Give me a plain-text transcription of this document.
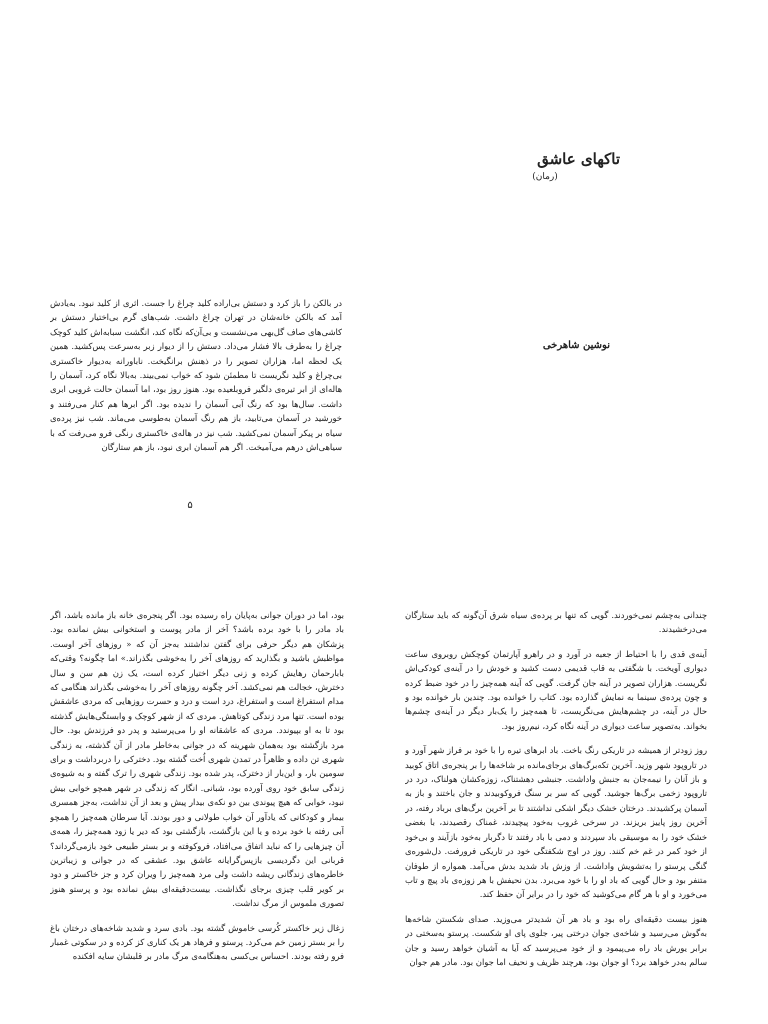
تاکهای عاشق

(رمان)

نوشین شاهرخی

در بالکن را باز کرد و دستش بی‌اراده کلید چراغ را جست. اثری از کلید نبود. به‌یادش آمد که بالکن خانه‌شان در تهران چراغ داشت. شب‌های گرم بی‌اختیار دستش بر کاشی‌های صاف گل‌بهی می‌نشست و بی‌آن‌که نگاه کند، انگشت سبابه‌اش کلید کوچک چراغ را به‌طرف بالا فشار می‌داد. دستش را از دیوار زبر به‌سرعت پس‌کشید. همین یک لحظه اما، هزاران تصویر را در ذهنش برانگیخت. ناباورانه به‌دیوار خاکستری بی‌چراغ و کلید نگریست تا مطمئن شود که خواب نمی‌بیند. به‌بالا نگاه کرد، آسمان را هاله‌ای از ابر تیره‌ی دلگیر فروبلعیده بود. هنوز روز بود، اما آسمان حالت غروبی ابری داشت. سال‌ها بود که رنگ آبی آسمان را ندیده بود. اگر ابرها هم کنار می‌رفتند و خورشید در آسمان می‌تابید، باز هم رنگ آسمان به‌طوسی می‌ماند. شب نیز پرده‌ی سیاه بر پیکر آسمان نمی‌کشید. شب نیز در هاله‌ی خاکستری رنگی فرو می‌رفت که با سیاهی‌اش درهم می‌آمیخت. اگر هم آسمان ابری نبود، باز هم ستارگان

۵

چندانی به‌چشم نمی‌خوردند. گویی که تنها بر پرده‌ی سیاه شرق آن‌گونه که باید ستارگان می‌درخشیدند.

آینه‌ی قدی را با احتیاط از جعبه در آورد و در راهرو آپارتمان کوچکش روبروی ساعت دیواری آویخت. با شگفتی به قاب قدیمی دست کشید و خودش را در آینه‌ی کودکی‌اش نگریست. هزاران تصویر در آینه جان گرفت. گویی که آینه همه‌چیز را در خود ضبط کرده و چون پرده‌ی سینما به نمایش گذارده بود. کتاب را خوانده بود. چندین بار خوانده بود و حال در آینه، در چشم‌هایش می‌نگریست، تا همه‌چیز را یک‌بار دیگر در آینه‌ی چشم‌ها بخواند. به‌تصویر ساعت دیواری در آینه نگاه کرد، نیم‌روز بود.

روز زودتر از همیشه در تاریکی رنگ باخت. باد ابرهای تیره را با خود بر فراز شهر آورد و در تاروپود شهر وزید. آخرین تکه‌برگ‌های برجای‌مانده بر شاخه‌ها را بر پنجره‌ی اتاق کوبید و باز آنان را نیمه‌جان به جنبش واداشت. جنبشی دهشتناک، زوزه‌کشان هولناک، درد در تاروپود زخمی برگ‌ها جوشید. گویی که سر بر سنگ فروکوبیدند و جان باختند و باز به آسمان پرکشیدند. درختان خشک دیگر اشکی نداشتند تا بر آخرین برگ‌های برباد رفته، در آخرین روز پاییز بریزند. در سرخی غروب به‌خود پیچیدند، غمناک رقصیدند، با بغضی خشک خود را به موسیقی باد سپردند و دمی با باد رفتند تا دگربار به‌خود بازآیند و بی‌خود از خود کمر در غم خم کنند. روز در اوج شکفتگی خود در تاریکی فرورفت. دل‌شوره‌ی گنگی پرستو را به‌تشویش واداشت. از وزش باد شدید بدش می‌آمد. همواره از طوفان متنفر بود و حال گویی که باد او را با خود می‌برد. بدن نحیفش با هر زوزه‌ی باد پیچ و تاب می‌خورد و او با هر گام می‌کوشید که خود را در برابر آن حفظ کند.

هنوز بیست دقیقه‌ای راه بود و باد هر آن شدیدتر می‌وزید. صدای شکستن شاخه‌ها به‌گوش می‌رسید و شاخه‌ی جوان درختی پیر، جلوی پای او شکست. پرستو به‌سختی در برابر یورش باد راه می‌پیمود و از خود می‌پرسید که آیا به آشیان خواهد رسید و جان سالم به‌در خواهد برد؟ او جوان بود، هرچند ظریف و نحیف اما جوان بود. مادر هم جوان

بود، اما در دوران جوانی به‌پایان راه رسیده بود. اگر پنجره‌ی خانه باز مانده باشد، اگر باد مادر را با خود برده باشد؟ آخر از مادر پوست و استخوانی بیش نمانده بود. پزشکان هم دیگر حرفی برای گفتن نداشتند به‌جز آن که « روزهای آخر اوست. مواظبش باشید و بگذارید که روزهای آخر را به‌خوشی بگذراند.» اما چگونه؟ وقتی‌که بابارحمان رهایش کرده و زنی دیگر اختیار کرده است، یک زن هم سن و سال دخترش، خجالت هم نمی‌کشد. آخر چگونه روزهای آخر را به‌خوشی بگذراند هنگامی که مدام استفراغ است و استفراغ، درد است و درد و حسرت روزهایی که مردی عاشقش بوده است. تنها مرد زندگی کوتاهش. مردی که از شهر کوچک و وابستگی‌هایش گذشته بود تا به او بپیوندد. مردی که عاشقانه او را می‌پرستید و پدر دو فرزندش بود. حال مرد بازگشته بود به‌همان شهرینه که در جوانی به‌خاطر مادر از آن گذشته، به زندگی شهری تن داده و ظاهراً در تمدن شهری اُخت گشته بود. دخترکی را در‌بر‌داشت و برای سومین بار، و این‌بار از دخترک، پدر شده بود. زندگی شهری را ترک گفته و به شیوه‌ی زندگی سابق خود روی آورده بود، شبانی. انگار که زندگی در شهر همچو خوابی بیش نبود، خوابی که هیچ پیوندی بین دو نکه‌ی بیدار پیش و بعد از آن نداشت، به‌جز همسری بیمار و کودکانی که یادآور آن خواب طولانی و دور بودند. آیا سرطان همه‌چیز را همچو آبی رفته با خود برده و یا این بازگشت، بازگشتی بود که دیر یا زود همه‌چیز را، همه‌ی آن چیزهایی را که نباید اتفاق می‌افتاد، فروکوفته و بر بستر طبیعی خود بازمی‌گرداند؟ قربانی این دگردیسی بازپس‌گرایانه عاشق بود. عشقی که در جوانی و زیباترین خاطره‌های زندگانی ریشه داشت ولی مرد همه‌چیز را ویران کرد و جز خاکستر و دود بر کویر قلب چیزی برجای نگذاشت. بیست‌دقیقه‌ای بیش نمانده بود و پرستو هنوز تصوری ملموس از مرگ نداشت.

زغال زیر خاکستر کُرسی خاموش گشته بود. بادی سرد و شدید شاخه‌های درختان باغ را بر بستر زمین خم می‌کرد. پرستو و فرهاد هر یک کناری کز کرده و در سکوتی غمبار فرو رفته بودند. احساس بی‌کسی به‌هنگامه‌ی مرگ مادر بر قلبشان سایه افکنده
